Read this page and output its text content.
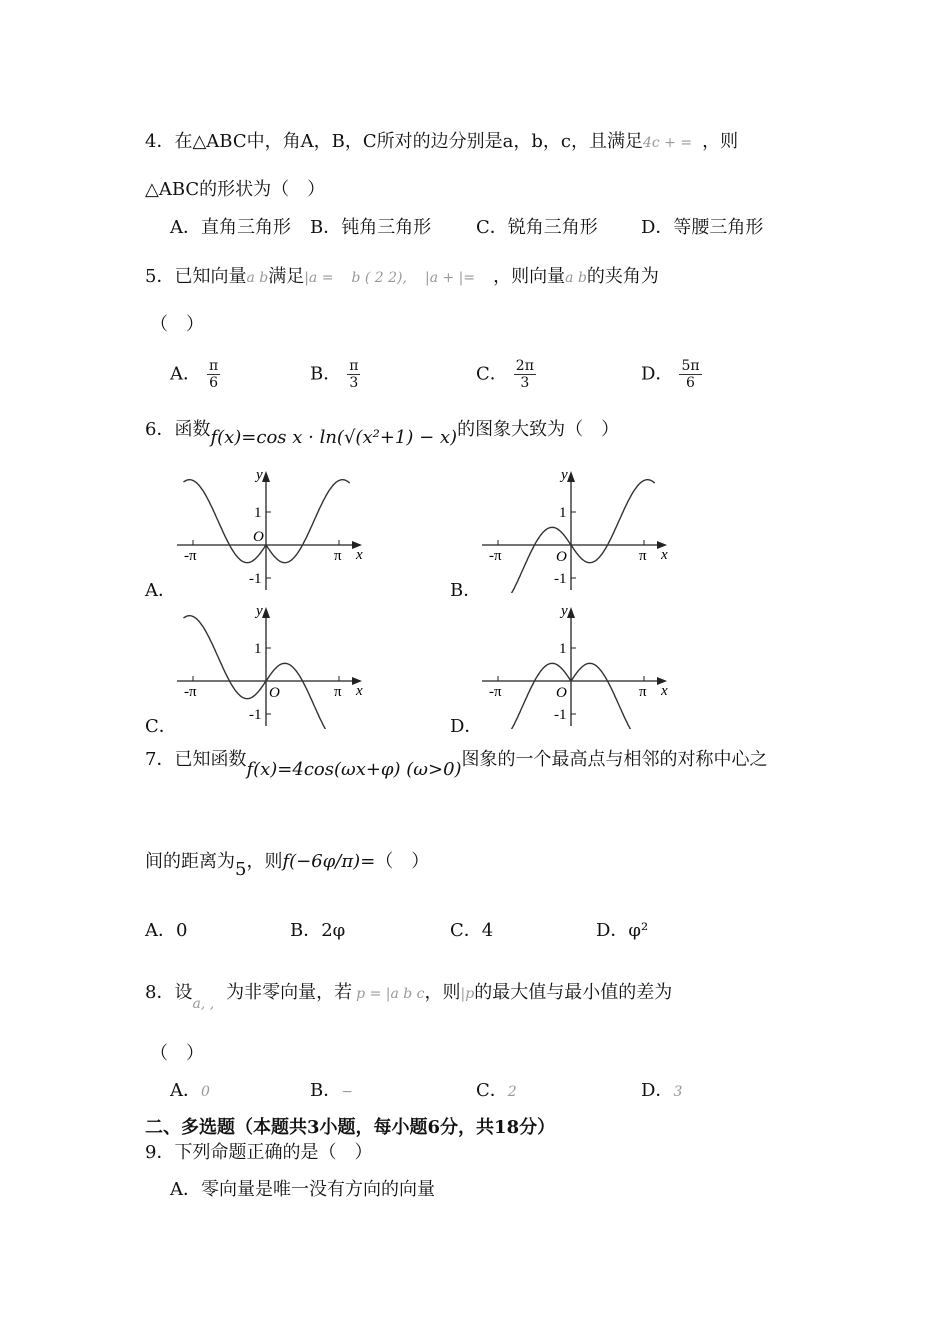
4．在△ABC中，角A，B，C所对的边分别是a，b，c，且满足4c + = ，则
△ABC的形状为（　）
A．直角三角形 B．钝角三角形 C．锐角三角形 D．等腰三角形
5．已知向量a b满足|a =　 b ( 2 2),　 |a + |=　 ，则向量a b的夹角为
（　）
A． $\frac{\pi}{6}$	B． $\frac{\pi}{3}$	C． $\frac{2\pi}{3}$	D． $\frac{5\pi}{6}$
6．函数f(x)=cos x · ln(√(x²+1) − x)的图象大致为（　）
A．	B．
C．	D．
y
x
O
1
-1
-π	π
y
x
O
1
-1
-π	π
y
x
O
1
-1
-π	π
y
x
O
1
-1
-π	π
7．已知函数f(x)=4cos(ωx+φ) (ω>0)图象的一个最高点与相邻的对称中心之
间的距离为5，则f(−6φ/π)=（　）
A．0	B．2φ	C．4	D．φ²
8．设$_{a, ,}$为非零向量，若 p = |a b c，则|p的最大值与最小值的差为
（　）
A．0	B．−	C．2	D．3
二、多选题（本题共3小题，每小题6分，共18分）
9．下列命题正确的是（　）
A．零向量是唯一没有方向的向量
